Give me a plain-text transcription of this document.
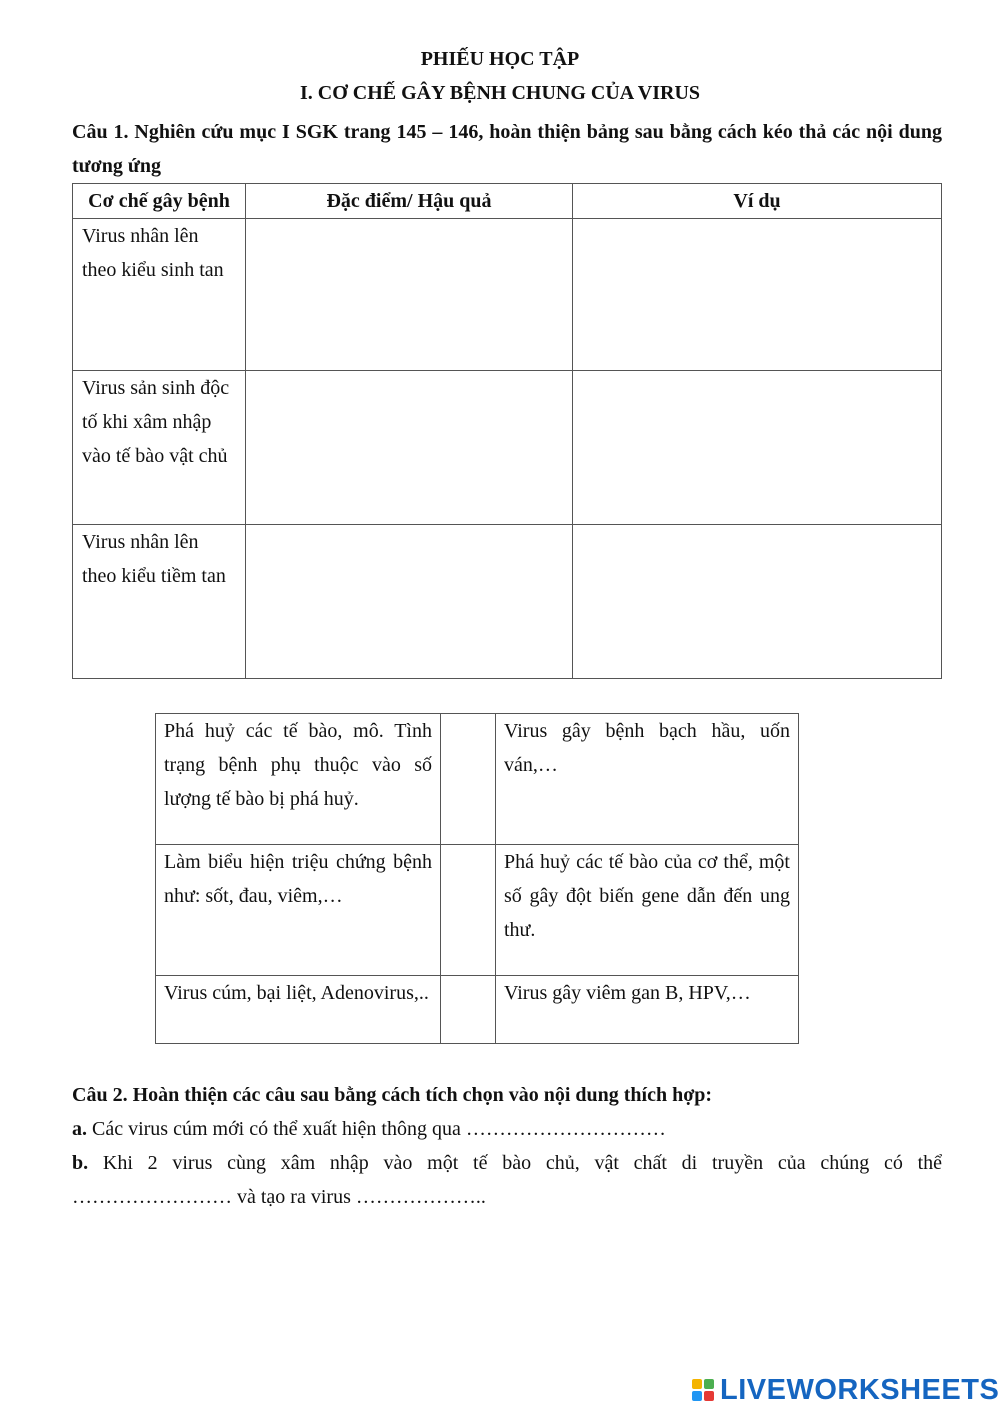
PHIẾU HỌC TẬP
I. CƠ CHẾ GÂY BỆNH CHUNG CỦA VIRUS
Câu 1. Nghiên cứu mục I SGK trang 145 – 146, hoàn thiện bảng sau bằng cách kéo thả các nội dung tương ứng
Cơ chế gây bệnh	Đặc điểm/ Hậu quả	Ví dụ
Virus nhân lên theo kiểu sinh tan		
Virus sản sinh độc tố khi xâm nhập vào tế bào vật chủ		
Virus nhân lên theo kiểu tiềm tan		
Phá huỷ các tế bào, mô. Tình trạng bệnh phụ thuộc vào số lượng tế bào bị phá huỷ.		Virus gây bệnh bạch hầu, uốn ván,…
Làm biểu hiện triệu chứng bệnh như: sốt, đau, viêm,…		Phá huỷ các tế bào của cơ thể, một số gây đột biến gene dẫn đến ung thư.
Virus cúm, bại liệt, Adenovirus,..		Virus gây viêm gan B, HPV,…
Câu 2. Hoàn thiện các câu sau bằng cách tích chọn vào nội dung thích hợp:
a. Các virus cúm mới có thể xuất hiện thông qua …………………………
b. Khi 2 virus cùng xâm nhập vào một tế bào chủ, vật chất di truyền của chúng có thể
…………………… và tạo ra virus ………………..
LIVEWORKSHEETS
